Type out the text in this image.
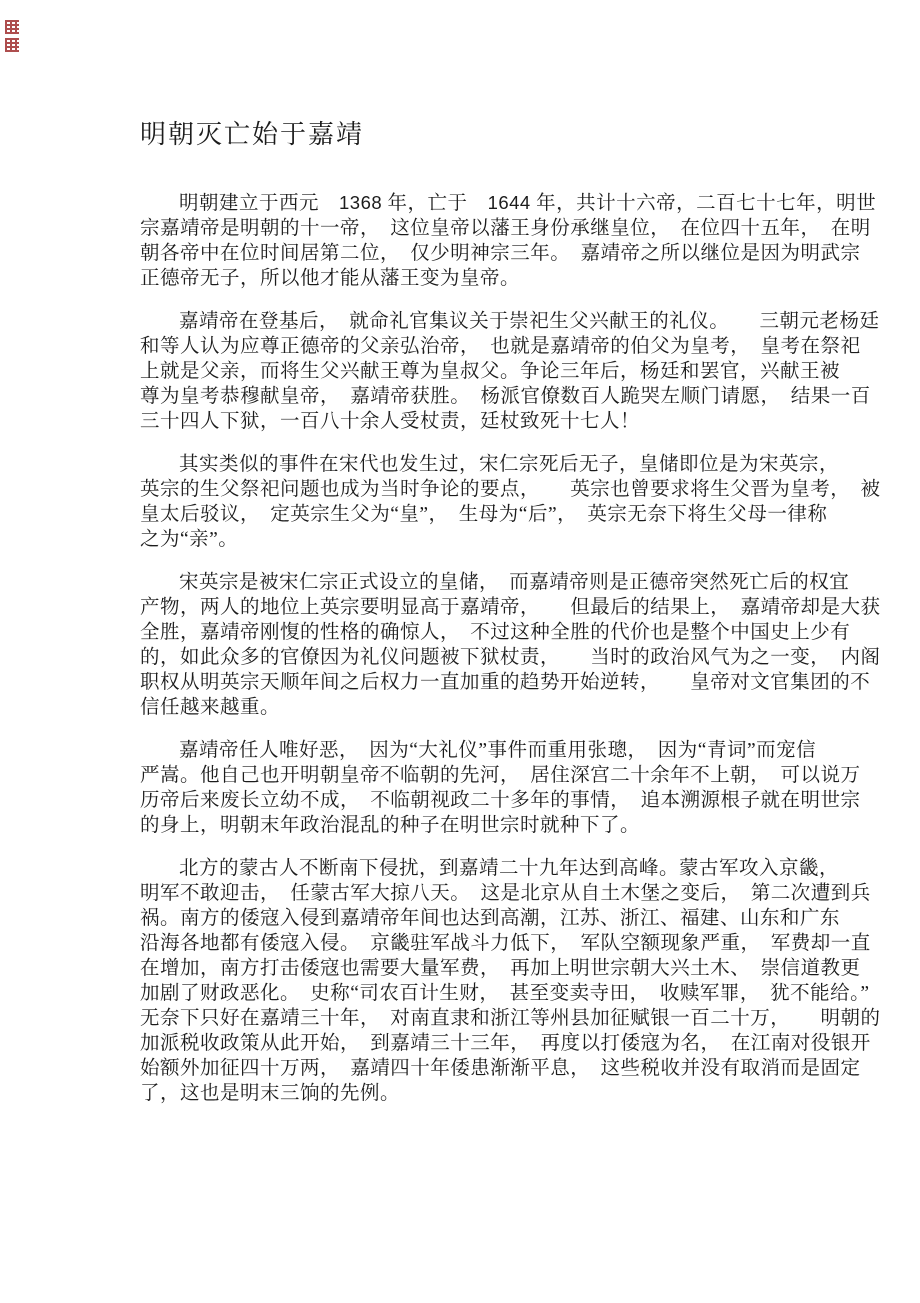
明朝灭亡始于嘉靖
明朝建立于西元　1368 年，亡于　1644 年，共计十六帝，二百七十七年，明世
宗嘉靖帝是明朝的十一帝，　这位皇帝以藩王身份承继皇位，　在位四十五年，　在明
朝各帝中在位时间居第二位，　仅少明神宗三年。　嘉靖帝之所以继位是因为明武宗
正德帝无子，所以他才能从藩王变为皇帝。
嘉靖帝在登基后，　就命礼官集议关于崇祀生父兴献王的礼仪。　　三朝元老杨廷
和等人认为应尊正德帝的父亲弘治帝，　也就是嘉靖帝的伯父为皇考，　皇考在祭祀
上就是父亲，而将生父兴献王尊为皇叔父。争论三年后，杨廷和罢官，兴献王被
尊为皇考恭穆献皇帝，　嘉靖帝获胜。　杨派官僚数百人跪哭左顺门请愿，　结果一百
三十四人下狱，一百八十余人受杖责，廷杖致死十七人！
其实类似的事件在宋代也发生过，宋仁宗死后无子，皇储即位是为宋英宗，
英宗的生父祭祀问题也成为当时争论的要点，　　英宗也曾要求将生父晋为皇考，　被
皇太后驳议，　定英宗生父为“皇”，　生母为“后”，　英宗无奈下将生父母一律称
之为“亲”。
宋英宗是被宋仁宗正式设立的皇储，　而嘉靖帝则是正德帝突然死亡后的权宜
产物，两人的地位上英宗要明显高于嘉靖帝，　　但最后的结果上，　嘉靖帝却是大获
全胜，嘉靖帝刚愎的性格的确惊人，　不过这种全胜的代价也是整个中国史上少有
的，如此众多的官僚因为礼仪问题被下狱杖责，　　当时的政治风气为之一变，　内阁
职权从明英宗天顺年间之后权力一直加重的趋势开始逆转，　　皇帝对文官集团的不
信任越来越重。
嘉靖帝任人唯好恶，　因为“大礼仪”事件而重用张璁，　因为“青词”而宠信
严嵩。他自己也开明朝皇帝不临朝的先河，　居住深宫二十余年不上朝，　可以说万
历帝后来废长立幼不成，　不临朝视政二十多年的事情，　追本溯源根子就在明世宗
的身上，明朝末年政治混乱的种子在明世宗时就种下了。
北方的蒙古人不断南下侵扰，到嘉靖二十九年达到高峰。蒙古军攻入京畿，
明军不敢迎击，　任蒙古军大掠八天。　这是北京从自土木堡之变后，　第二次遭到兵
祸。南方的倭寇入侵到嘉靖帝年间也达到高潮，江苏、浙江、福建、山东和广东
沿海各地都有倭寇入侵。　京畿驻军战斗力低下，　军队空额现象严重，　军费却一直
在增加，南方打击倭寇也需要大量军费，　再加上明世宗朝大兴土木、　崇信道教更
加剧了财政恶化。　史称“司农百计生财，　甚至变卖寺田，　收赎军罪，　犹不能给。”
无奈下只好在嘉靖三十年，　对南直隶和浙江等州县加征赋银一百二十万，　　明朝的
加派税收政策从此开始，　到嘉靖三十三年，　再度以打倭寇为名，　在江南对役银开
始额外加征四十万两，　嘉靖四十年倭患渐渐平息，　这些税收并没有取消而是固定
了，这也是明末三饷的先例。
